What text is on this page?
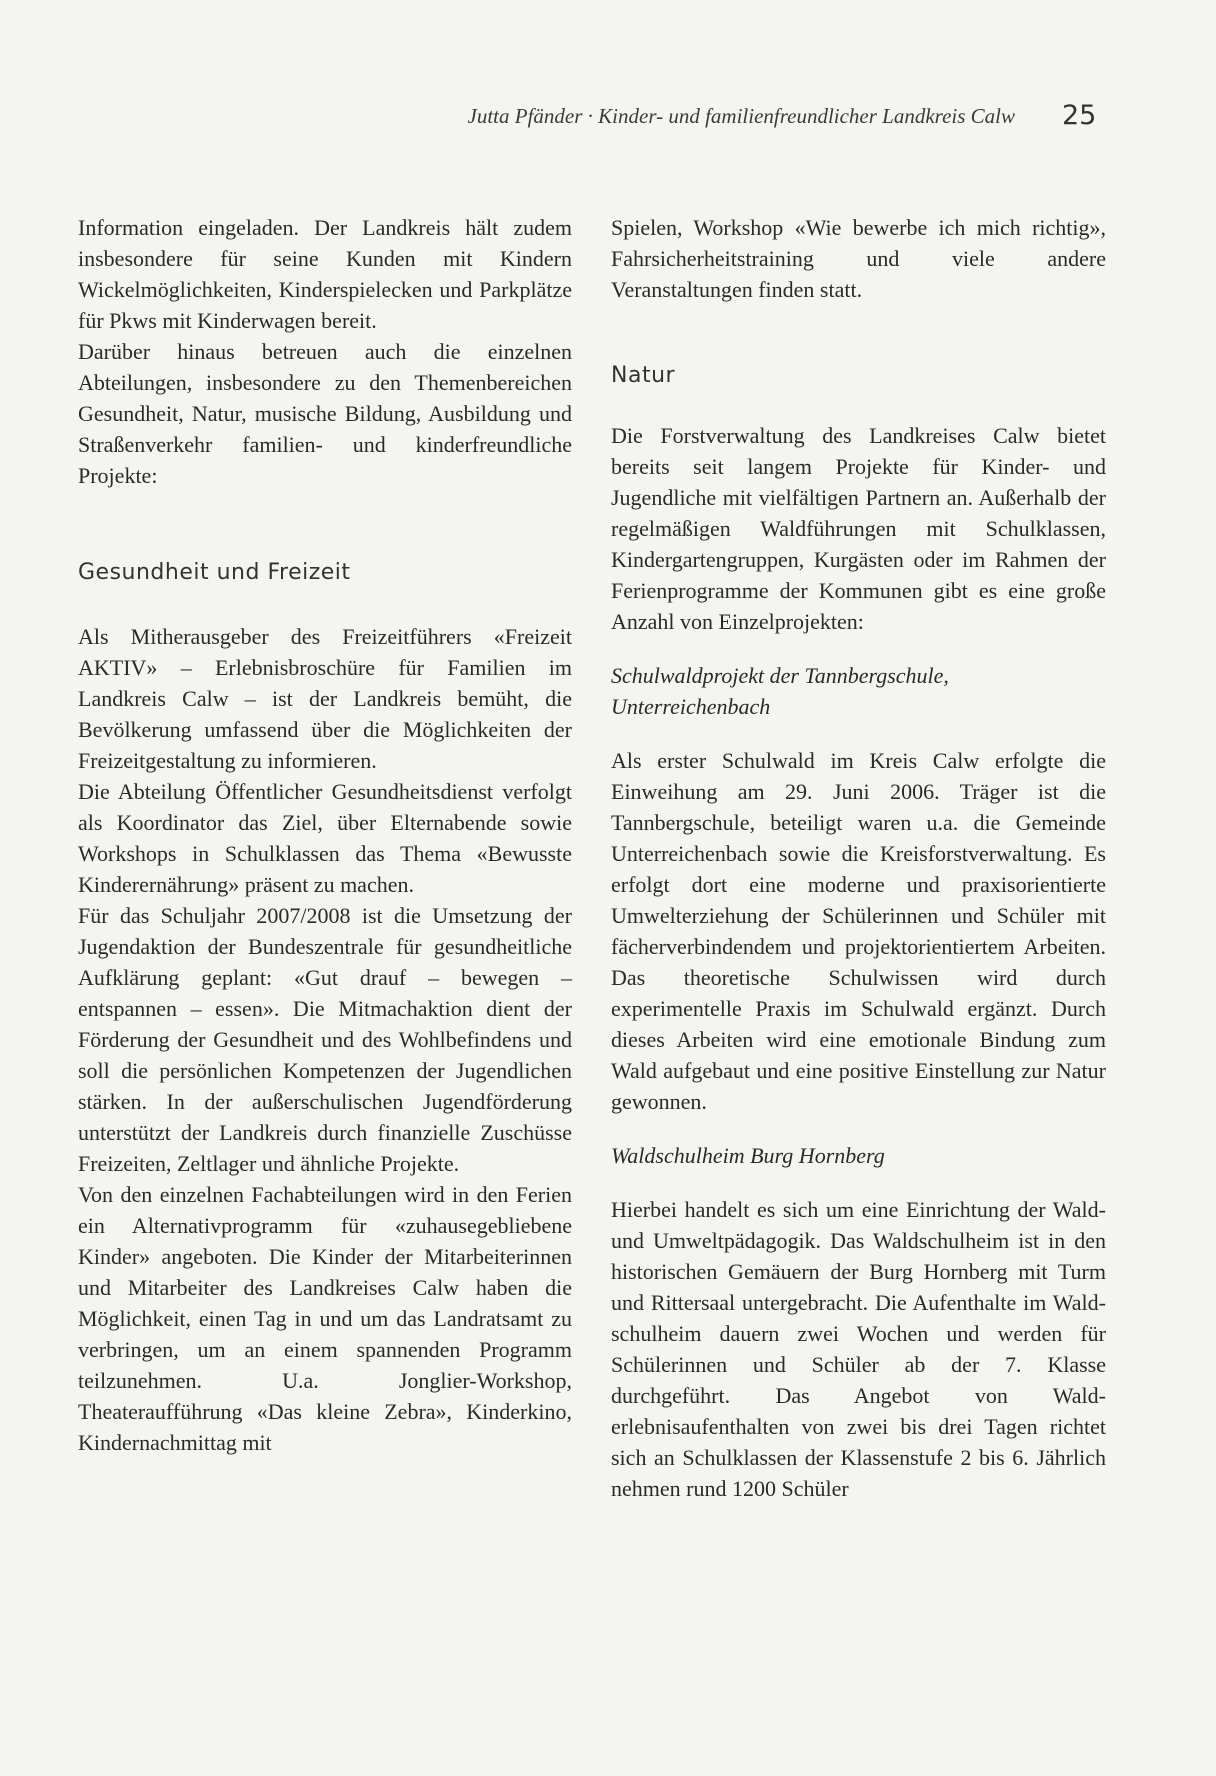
Jutta Pfänder · Kinder- und familienfreundlicher Landkreis Calw 25

Information eingeladen. Der Landkreis hält zudem insbesondere für seine Kunden mit Kindern Wickelmöglichkeiten, Kinderspielecken und Parkplätze für Pkws mit Kinderwagen bereit.

Darüber hinaus betreuen auch die einzelnen Abteilungen, insbesondere zu den Themenbereichen Gesundheit, Natur, musische Bildung, Ausbildung und Straßenverkehr familien- und kinderfreundliche Projekte:

Gesundheit und Freizeit

Als Mitherausgeber des Freizeitführers «Freizeit AKTIV» – Erlebnisbroschüre für Familien im Landkreis Calw – ist der Landkreis bemüht, die Bevölkerung umfassend über die Möglichkeiten der Freizeitgestaltung zu informieren.

Die Abteilung Öffentlicher Gesundheitsdienst verfolgt als Koordinator das Ziel, über Elternabende sowie Workshops in Schulklassen das Thema «Bewusste Kinderernährung» präsent zu machen.

Für das Schuljahr 2007/2008 ist die Umsetzung der Jugendaktion der Bundeszentrale für gesundheitliche Aufklärung geplant: «Gut drauf – bewegen – entspannen – essen». Die Mitmachaktion dient der Förderung der Gesundheit und des Wohlbefindens und soll die persönlichen Kompetenzen der Jugendlichen stärken. In der außerschulischen Jugendförderung unterstützt der Landkreis durch finanzielle Zuschüsse Freizeiten, Zeltlager und ähnliche Projekte.

Von den einzelnen Fachabteilungen wird in den Ferien ein Alternativprogramm für «zuhausegebliebene Kinder» angeboten. Die Kinder der Mitarbeiterinnen und Mitarbeiter des Landkreises Calw haben die Möglichkeit, einen Tag in und um das Landratsamt zu verbringen, um an einem spannenden Programm teilzunehmen. U.a. Jonglier-Workshop, Theateraufführung «Das kleine Zebra», Kinderkino, Kindernachmittag mit

Spielen, Workshop «Wie bewerbe ich mich richtig», Fahrsicherheitstraining und viele andere Veranstaltungen finden statt.

Natur

Die Forstverwaltung des Landkreises Calw bietet bereits seit langem Projekte für Kinder- und Jugendliche mit vielfältigen Partnern an. Außerhalb der regelmäßigen Waldführungen mit Schulklassen, Kindergartengruppen, Kurgästen oder im Rahmen der Ferienprogramme der Kommunen gibt es eine große Anzahl von Einzelprojekten:

Schulwaldprojekt der Tannbergschule, Unterreichenbach

Als erster Schulwald im Kreis Calw erfolgte die Einweihung am 29. Juni 2006. Träger ist die Tannbergschule, beteiligt waren u.a. die Gemeinde Unterreichenbach sowie die Kreisforstverwaltung. Es erfolgt dort eine moderne und praxisorientierte Umwelterziehung der Schülerinnen und Schüler mit fächerverbindendem und projektorientiertem Arbeiten. Das theoretische Schulwissen wird durch experimentelle Praxis im Schulwald ergänzt. Durch dieses Arbeiten wird eine emotionale Bindung zum Wald aufgebaut und eine positive Einstellung zur Natur gewonnen.

Waldschulheim Burg Hornberg

Hierbei handelt es sich um eine Einrichtung der Wald- und Umweltpädagogik. Das Waldschulheim ist in den historischen Gemäuern der Burg Hornberg mit Turm und Rittersaal untergebracht. Die Aufenthalte im Waldschulheim dauern zwei Wochen und werden für Schülerinnen und Schüler ab der 7. Klasse durchgeführt. Das Angebot von Walderlebnisaufenthalten von zwei bis drei Tagen richtet sich an Schulklassen der Klassenstufe 2 bis 6. Jährlich nehmen rund 1200 Schüler
